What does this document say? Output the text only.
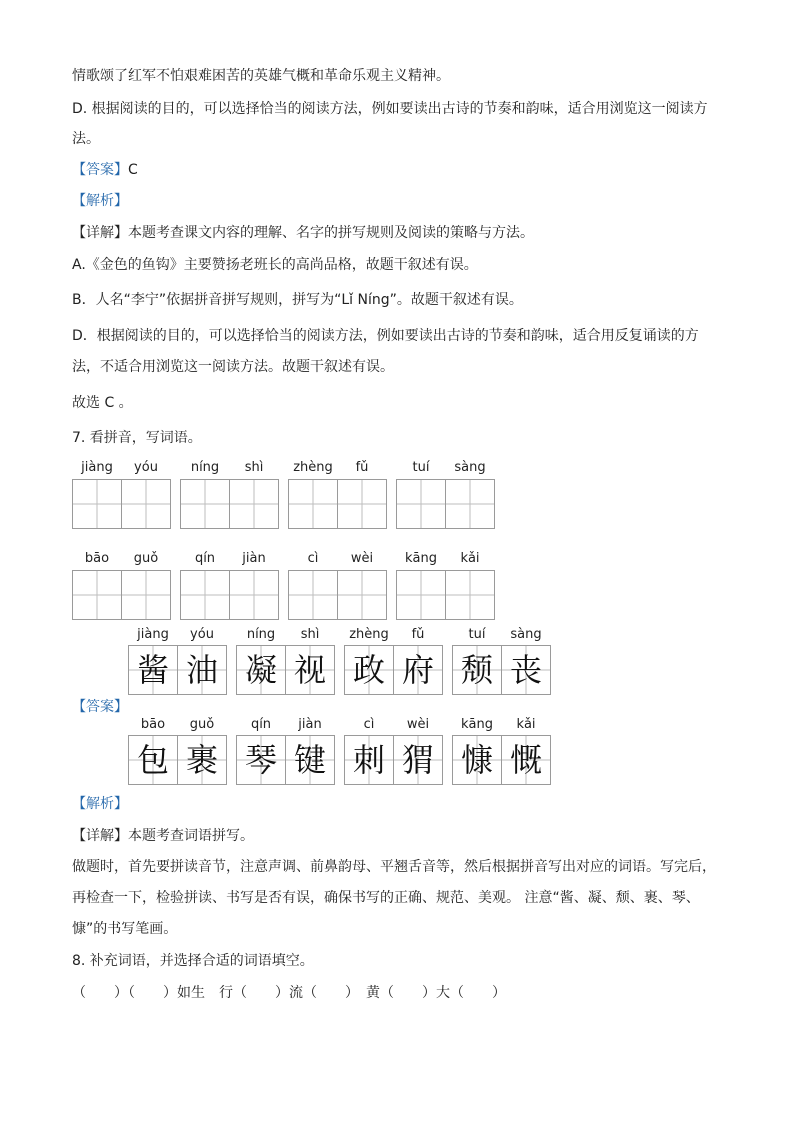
情歌颂了红军不怕艰难困苦的英雄气概和革命乐观主义精神。
D. 根据阅读的目的，可以选择恰当的阅读方法，例如要读出古诗的节奏和韵味，适合用浏览这一阅读方
法。
【答案】C
【解析】
【详解】本题考查课文内容的理解、名字的拼写规则及阅读的策略与方法。
A.《金色的鱼钩》主要赞扬老班长的高尚品格，故题干叙述有误。
B．人名“李宁”依据拼音拼写规则，拼写为“Lǐ Níng”。故题干叙述有误。
D．根据阅读的目的，可以选择恰当的阅读方法，例如要读出古诗的节奏和韵味，适合用反复诵读的方
法，不适合用浏览这一阅读方法。故题干叙述有误。
故选 C 。
7. 看拼音，写词语。
jiàng	yóu	níng	shì	zhèng	fǔ	tuí	sàng
bāo	guǒ	qín	jiàn	cì	wèi	kāng	kǎi
jiàng	yóu	níng	shì	zhèng	fǔ	tuí	sàng
酱 油 凝 视 政 府 颓 丧
【答案】
bāo	guǒ	qín	jiàn	cì	wèi	kāng	kǎi
包 裹 琴 键 刺 猬 慷 慨
【解析】
【详解】本题考查词语拼写。
做题时，首先要拼读音节，注意声调、前鼻韵母、平翘舌音等，然后根据拼音写出对应的词语。写完后，
再检查一下，检验拼读、书写是否有误，确保书写的正确、规范、美观。 注意“酱、凝、颓、裹、琴、
慷”的书写笔画。
8. 补充词语，并选择合适的词语填空。
（　　）（　　）如生　行（　　）流（　　）　黄（　　）大（　　）
